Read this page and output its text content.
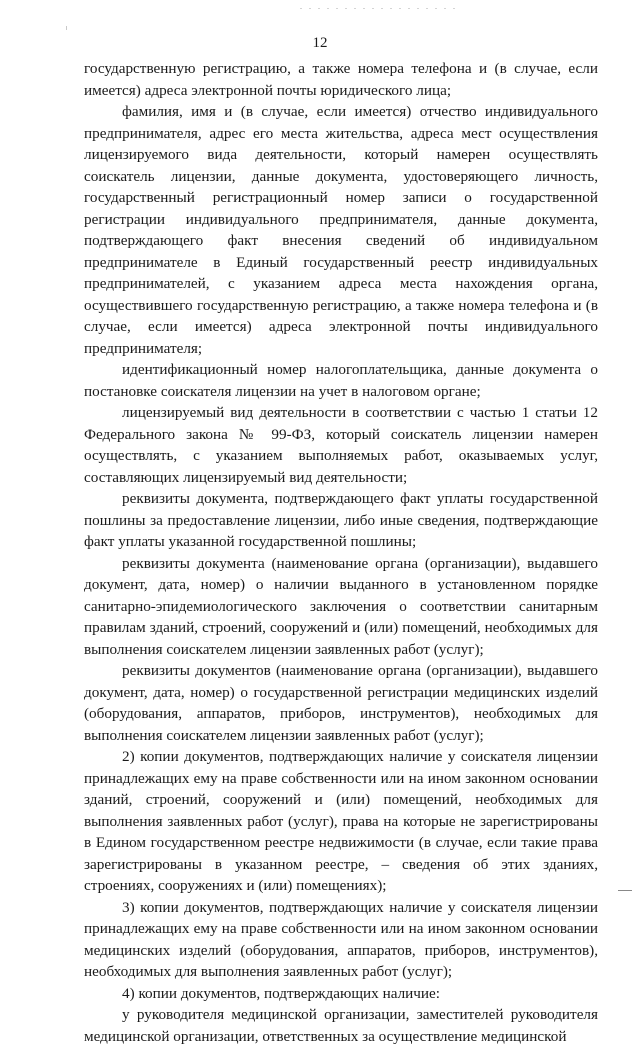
12

государственную регистрацию, а также номера телефона и (в случае, если имеется) адреса электронной почты юридического лица;

фамилия, имя и (в случае, если имеется) отчество индивидуального предпринимателя, адрес его места жительства, адреса мест осуществления лицензируемого вида деятельности, который намерен осуществлять соискатель лицензии, данные документа, удостоверяющего личность, государственный регистрационный номер записи о государственной регистрации индивидуального предпринимателя, данные документа, подтверждающего факт внесения сведений об индивидуальном предпринимателе в Единый государственный реестр индивидуальных предпринимателей, с указанием адреса места нахождения органа, осуществившего государственную регистрацию, а также номера телефона и (в случае, если имеется) адреса электронной почты индивидуального предпринимателя;

идентификационный номер налогоплательщика, данные документа о постановке соискателя лицензии на учет в налоговом органе;

лицензируемый вид деятельности в соответствии с частью 1 статьи 12 Федерального закона № 99-ФЗ, который соискатель лицензии намерен осуществлять, с указанием выполняемых работ, оказываемых услуг, составляющих лицензируемый вид деятельности;

реквизиты документа, подтверждающего факт уплаты государственной пошлины за предоставление лицензии, либо иные сведения, подтверждающие факт уплаты указанной государственной пошлины;

реквизиты документа (наименование органа (организации), выдавшего документ, дата, номер) о наличии выданного в установленном порядке санитарно-эпидемиологического заключения о соответствии санитарным правилам зданий, строений, сооружений и (или) помещений, необходимых для выполнения соискателем лицензии заявленных работ (услуг);

реквизиты документов (наименование органа (организации), выдавшего документ, дата, номер) о государственной регистрации медицинских изделий (оборудования, аппаратов, приборов, инструментов), необходимых для выполнения соискателем лицензии заявленных работ (услуг);

2) копии документов, подтверждающих наличие у соискателя лицензии принадлежащих ему на праве собственности или на ином законном основании зданий, строений, сооружений и (или) помещений, необходимых для выполнения заявленных работ (услуг), права на которые не зарегистрированы в Едином государственном реестре недвижимости (в случае, если такие права зарегистрированы в указанном реестре, – сведения об этих зданиях, строениях, сооружениях и (или) помещениях);

3) копии документов, подтверждающих наличие у соискателя лицензии принадлежащих ему на праве собственности или на ином законном основании медицинских изделий (оборудования, аппаратов, приборов, инструментов), необходимых для выполнения заявленных работ (услуг);

4) копии документов, подтверждающих наличие:

у руководителя медицинской организации, заместителей руководителя медицинской организации, ответственных за осуществление медицинской
